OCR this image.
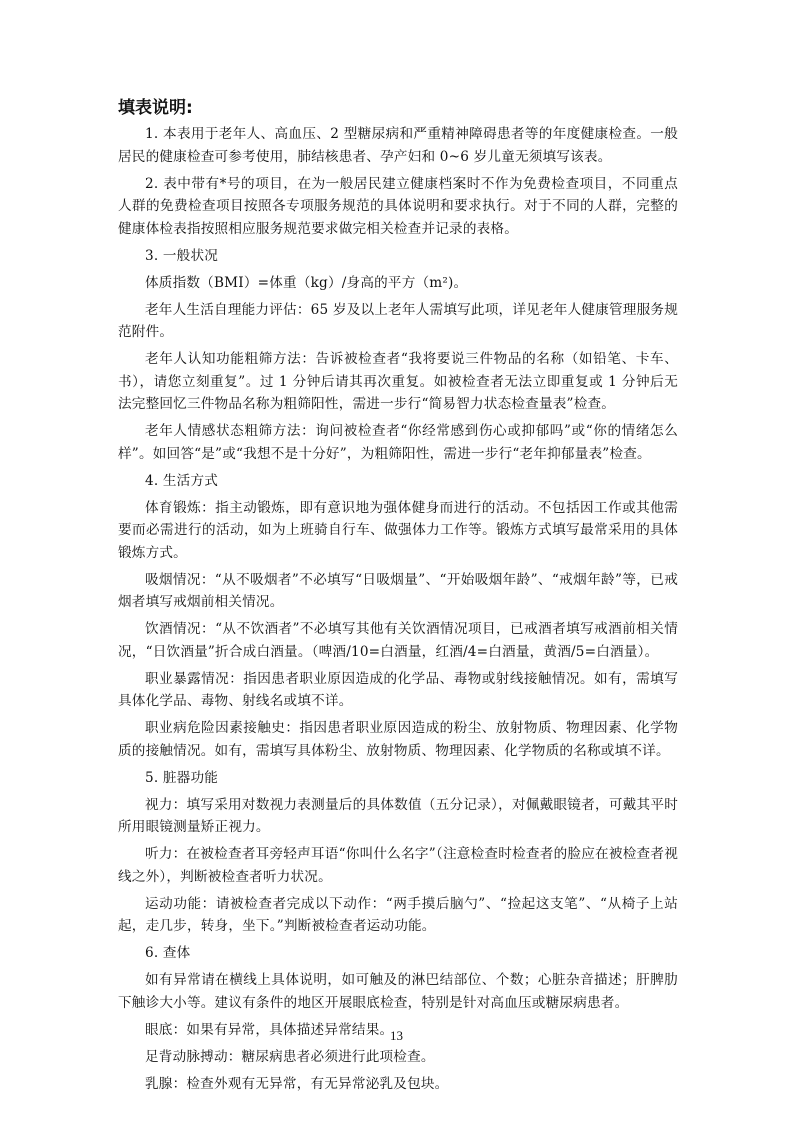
填表说明:

1. 本表用于老年人、高血压、2 型糖尿病和严重精神障碍患者等的年度健康检查。一般居民的健康检查可参考使用，肺结核患者、孕产妇和 0~6 岁儿童无须填写该表。

2. 表中带有*号的项目，在为一般居民建立健康档案时不作为免费检查项目，不同重点人群的免费检查项目按照各专项服务规范的具体说明和要求执行。对于不同的人群，完整的健康体检表指按照相应服务规范要求做完相关检查并记录的表格。

3. 一般状况

体质指数（BMI）=体重（kg）/身高的平方（m²)。

老年人生活自理能力评估：65 岁及以上老年人需填写此项，详见老年人健康管理服务规范附件。

老年人认知功能粗筛方法：告诉被检查者“我将要说三件物品的名称（如铅笔、卡车、书），请您立刻重复”。过 1 分钟后请其再次重复。如被检查者无法立即重复或 1 分钟后无法完整回忆三件物品名称为粗筛阳性，需进一步行“简易智力状态检查量表”检查。

老年人情感状态粗筛方法：询问被检查者“你经常感到伤心或抑郁吗”或“你的情绪怎么样”。如回答“是”或“我想不是十分好”，为粗筛阳性，需进一步行“老年抑郁量表”检查。

4. 生活方式

体育锻炼：指主动锻炼，即有意识地为强体健身而进行的活动。不包括因工作或其他需要而必需进行的活动，如为上班骑自行车、做强体力工作等。锻炼方式填写最常采用的具体锻炼方式。

吸烟情况：“从不吸烟者”不必填写“日吸烟量”、“开始吸烟年龄”、“戒烟年龄”等，已戒烟者填写戒烟前相关情况。

饮酒情况：“从不饮酒者”不必填写其他有关饮酒情况项目，已戒酒者填写戒酒前相关情况，“日饮酒量”折合成白酒量。（啤酒/10=白酒量，红酒/4=白酒量，黄酒/5=白酒量）。

职业暴露情况：指因患者职业原因造成的化学品、毒物或射线接触情况。如有，需填写具体化学品、毒物、射线名或填不详。

职业病危险因素接触史：指因患者职业原因造成的粉尘、放射物质、物理因素、化学物质的接触情况。如有，需填写具体粉尘、放射物质、物理因素、化学物质的名称或填不详。

5. 脏器功能

视力：填写采用对数视力表测量后的具体数值（五分记录），对佩戴眼镜者，可戴其平时所用眼镜测量矫正视力。

听力：在被检查者耳旁轻声耳语“你叫什么名字”（注意检查时检查者的脸应在被检查者视线之外），判断被检查者听力状况。

运动功能：请被检查者完成以下动作：“两手摸后脑勺”、“捡起这支笔”、“从椅子上站起，走几步，转身，坐下。”判断被检查者运动功能。

6. 查体

如有异常请在横线上具体说明，如可触及的淋巴结部位、个数；心脏杂音描述；肝脾肋下触诊大小等。建议有条件的地区开展眼底检查，特别是针对高血压或糖尿病患者。

眼底：如果有异常，具体描述异常结果。

足背动脉搏动：糖尿病患者必须进行此项检查。

乳腺：检查外观有无异常，有无异常泌乳及包块。

13
